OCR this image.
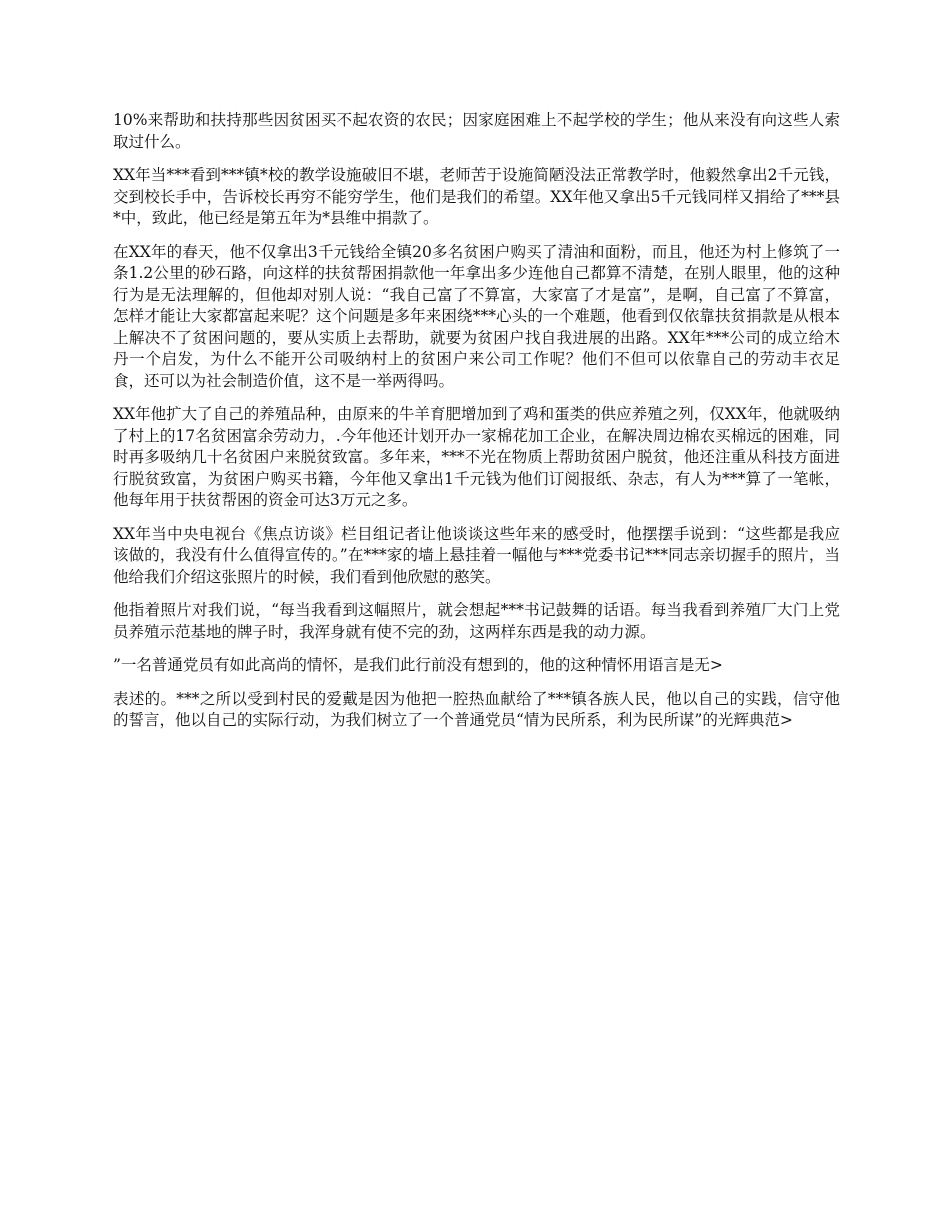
10%来帮助和扶持那些因贫困买不起农资的农民；因家庭困难上不起学校的学生；他从来没有向这些人索取过什么。

XX年当***看到***镇*校的教学设施破旧不堪，老师苦于设施简陋没法正常教学时，他毅然拿出2千元钱，交到校长手中，告诉校长再穷不能穷学生，他们是我们的希望。XX年他又拿出5千元钱同样又捐给了***县*中，致此，他已经是第五年为*县维中捐款了。

在XX年的春天，他不仅拿出3千元钱给全镇20多名贫困户购买了清油和面粉，而且，他还为村上修筑了一条1.2公里的砂石路，向这样的扶贫帮困捐款他一年拿出多少连他自己都算不清楚，在别人眼里，他的这种行为是无法理解的，但他却对别人说：“我自己富了不算富，大家富了才是富”，是啊，自己富了不算富，怎样才能让大家都富起来呢？这个问题是多年来困绕***心头的一个难题，他看到仅依靠扶贫捐款是从根本上解决不了贫困问题的，要从实质上去帮助，就要为贫困户找自我进展的出路。XX年***公司的成立给木丹一个启发，为什么不能开公司吸纳村上的贫困户来公司工作呢？他们不但可以依靠自己的劳动丰衣足食，还可以为社会制造价值，这不是一举两得吗。

XX年他扩大了自己的养殖品种，由原来的牛羊育肥增加到了鸡和蛋类的供应养殖之列，仅XX年，他就吸纳了村上的17名贫困富余劳动力，.今年他还计划开办一家棉花加工企业，在解决周边棉农买棉远的困难，同时再多吸纳几十名贫困户来脱贫致富。多年来，***不光在物质上帮助贫困户脱贫，他还注重从科技方面进行脱贫致富，为贫困户购买书籍，今年他又拿出1千元钱为他们订阅报纸、杂志，有人为***算了一笔帐，他每年用于扶贫帮困的资金可达3万元之多。

XX年当中央电视台《焦点访谈》栏目组记者让他谈谈这些年来的感受时，他摆摆手说到：“这些都是我应该做的，我没有什么值得宣传的。”在***家的墙上悬挂着一幅他与***党委书记***同志亲切握手的照片，当他给我们介绍这张照片的时候，我们看到他欣慰的憨笑。

他指着照片对我们说，“每当我看到这幅照片，就会想起***书记鼓舞的话语。每当我看到养殖厂大门上党员养殖示范基地的牌子时，我浑身就有使不完的劲，这两样东西是我的动力源。

”一名普通党员有如此高尚的情怀，是我们此行前没有想到的，他的这种情怀用语言是无>

表述的。***之所以受到村民的爱戴是因为他把一腔热血献给了***镇各族人民，他以自己的实践，信守他的誓言，他以自己的实际行动，为我们树立了一个普通党员“情为民所系，利为民所谋”的光辉典范>
